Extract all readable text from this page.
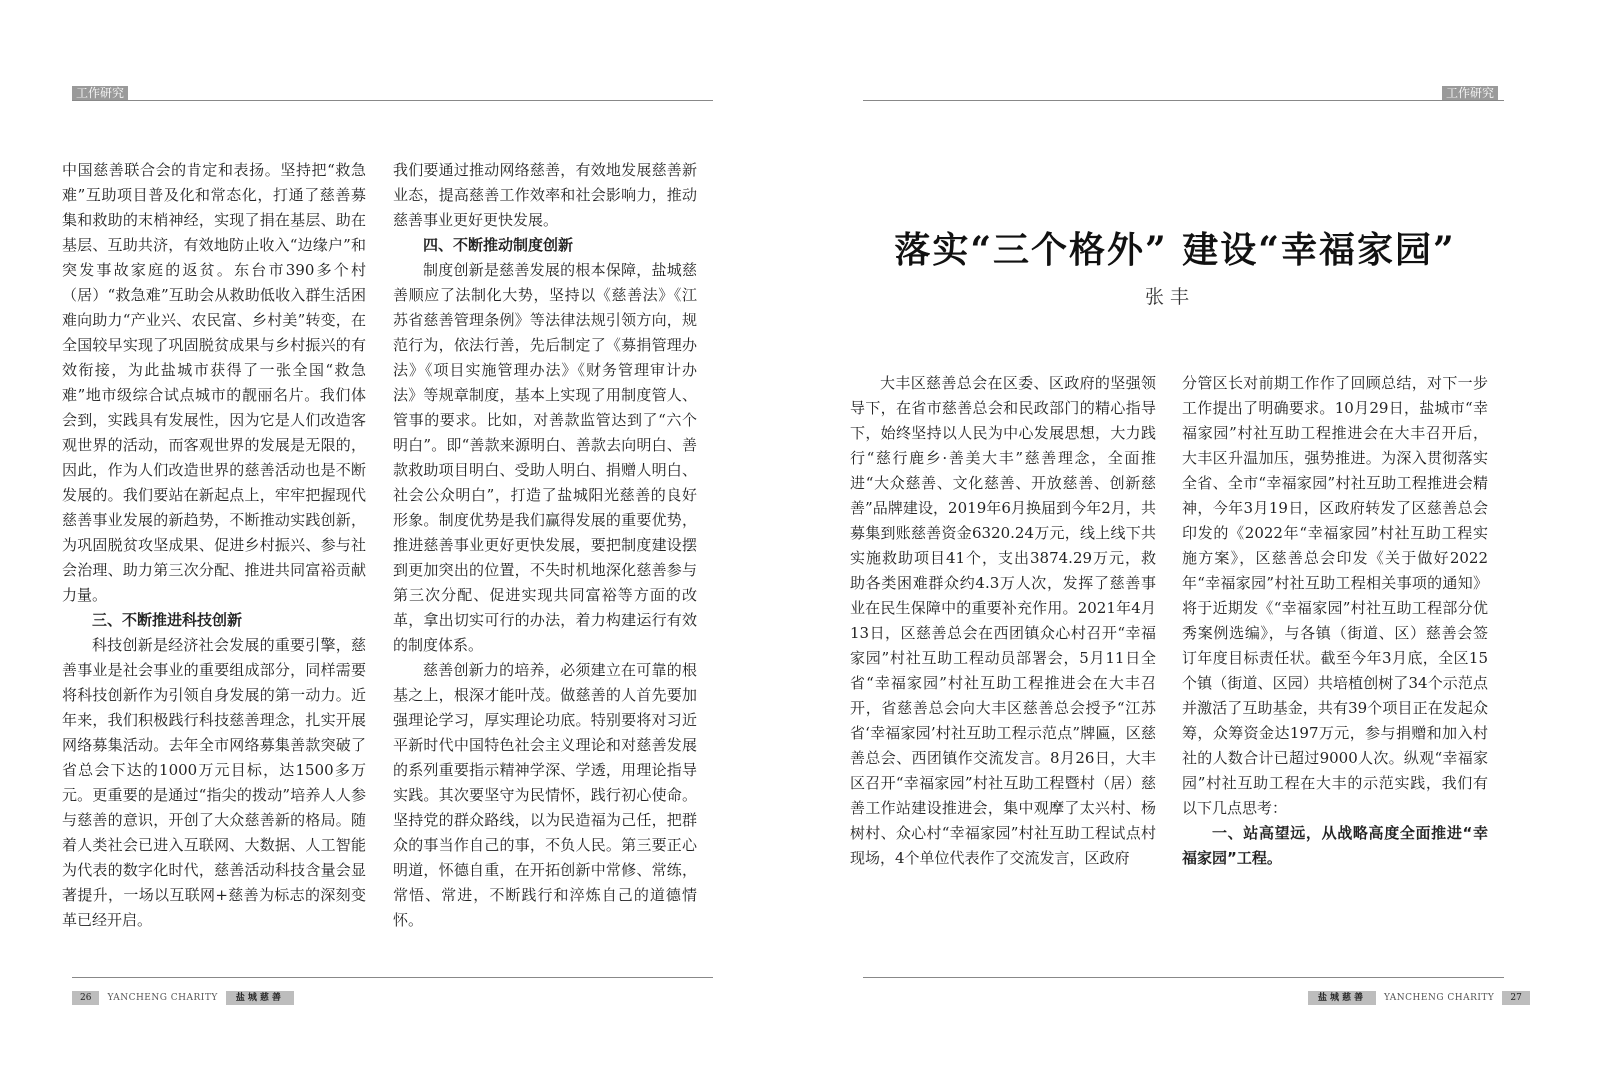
工作研究

中国慈善联合会的肯定和表扬。坚持把“救急难”互助项目普及化和常态化，打通了慈善募集和救助的末梢神经，实现了捐在基层、助在基层、互助共济，有效地防止收入“边缘户”和突发事故家庭的返贫。东台市390多个村（居）“救急难”互助会从救助低收入群生活困难向助力“产业兴、农民富、乡村美”转变，在全国较早实现了巩固脱贫成果与乡村振兴的有效衔接，为此盐城市获得了一张全国“救急难”地市级综合试点城市的靓丽名片。我们体会到，实践具有发展性，因为它是人们改造客观世界的活动，而客观世界的发展是无限的，因此，作为人们改造世界的慈善活动也是不断发展的。我们要站在新起点上，牢牢把握现代慈善事业发展的新趋势，不断推动实践创新，为巩固脱贫攻坚成果、促进乡村振兴、参与社会治理、助力第三次分配、推进共同富裕贡献力量。

三、不断推进科技创新

科技创新是经济社会发展的重要引擎，慈善事业是社会事业的重要组成部分，同样需要将科技创新作为引领自身发展的第一动力。近年来，我们积极践行科技慈善理念，扎实开展网络募集活动。去年全市网络募集善款突破了省总会下达的1000万元目标，达1500多万元。更重要的是通过“指尖的拨动”培养人人参与慈善的意识，开创了大众慈善新的格局。随着人类社会已进入互联网、大数据、人工智能为代表的数字化时代，慈善活动科技含量会显著提升，一场以互联网+慈善为标志的深刻变革已经开启。

我们要通过推动网络慈善，有效地发展慈善新业态，提高慈善工作效率和社会影响力，推动慈善事业更好更快发展。

四、不断推动制度创新

制度创新是慈善发展的根本保障，盐城慈善顺应了法制化大势，坚持以《慈善法》《江苏省慈善管理条例》等法律法规引领方向，规范行为，依法行善，先后制定了《募捐管理办法》《项目实施管理办法》《财务管理审计办法》等规章制度，基本上实现了用制度管人、管事的要求。比如，对善款监管达到了“六个明白”。即“善款来源明白、善款去向明白、善款救助项目明白、受助人明白、捐赠人明白、社会公众明白”，打造了盐城阳光慈善的良好形象。制度优势是我们赢得发展的重要优势，推进慈善事业更好更快发展，要把制度建设摆到更加突出的位置，不失时机地深化慈善参与第三次分配、促进实现共同富裕等方面的改革，拿出切实可行的办法，着力构建运行有效的制度体系。

慈善创新力的培养，必须建立在可靠的根基之上，根深才能叶茂。做慈善的人首先要加强理论学习，厚实理论功底。特别要将对习近平新时代中国特色社会主义理论和对慈善发展的系列重要指示精神学深、学透，用理论指导实践。其次要坚守为民情怀，践行初心使命。坚持党的群众路线，以为民造福为己任，把群众的事当作自己的事，不负人民。第三要正心明道，怀德自重，在开拓创新中常修、常练，常悟、常进，不断践行和淬炼自己的道德情怀。

26	YANCHENG CHARITY	盐城慈善
工作研究
落实“三个格外” 建设“幸福家园”
张丰

大丰区慈善总会在区委、区政府的坚强领导下，在省市慈善总会和民政部门的精心指导下，始终坚持以人民为中心发展思想，大力践行“慈行鹿乡·善美大丰”慈善理念，全面推进“大众慈善、文化慈善、开放慈善、创新慈善”品牌建设，2019年6月换届到今年2月，共募集到账慈善资金6320.24万元，线上线下共实施救助项目41个，支出3874.29万元，救助各类困难群众约4.3万人次，发挥了慈善事业在民生保障中的重要补充作用。2021年4月13日，区慈善总会在西团镇众心村召开“幸福家园”村社互助工程动员部署会，5月11日全省“幸福家园”村社互助工程推进会在大丰召开，省慈善总会向大丰区慈善总会授予“江苏省‘幸福家园’村社互助工程示范点”牌匾，区慈善总会、西团镇作交流发言。8月26日，大丰区召开“幸福家园”村社互助工程暨村（居）慈善工作站建设推进会，集中观摩了太兴村、杨树村、众心村“幸福家园”村社互助工程试点村现场，4个单位代表作了交流发言，区政府

分管区长对前期工作作了回顾总结，对下一步工作提出了明确要求。10月29日，盐城市“幸福家园”村社互助工程推进会在大丰召开后，大丰区升温加压，强势推进。为深入贯彻落实全省、全市“幸福家园”村社互助工程推进会精神，今年3月19日，区政府转发了区慈善总会印发的《2022年“幸福家园”村社互助工程实施方案》，区慈善总会印发《关于做好2022年“幸福家园”村社互助工程相关事项的通知》将于近期发《“幸福家园”村社互助工程部分优秀案例选编》，与各镇（街道、区）慈善会签订年度目标责任状。截至今年3月底，全区15个镇（街道、区园）共培植创树了34个示范点并激活了互助基金，共有39个项目正在发起众筹，众筹资金达197万元，参与捐赠和加入村社的人数合计已超过9000人次。纵观“幸福家园”村社互助工程在大丰的示范实践，我们有以下几点思考：

一、站高望远，从战略高度全面推进“幸福家园”工程。
盐城慈善	YANCHENG CHARITY	27
